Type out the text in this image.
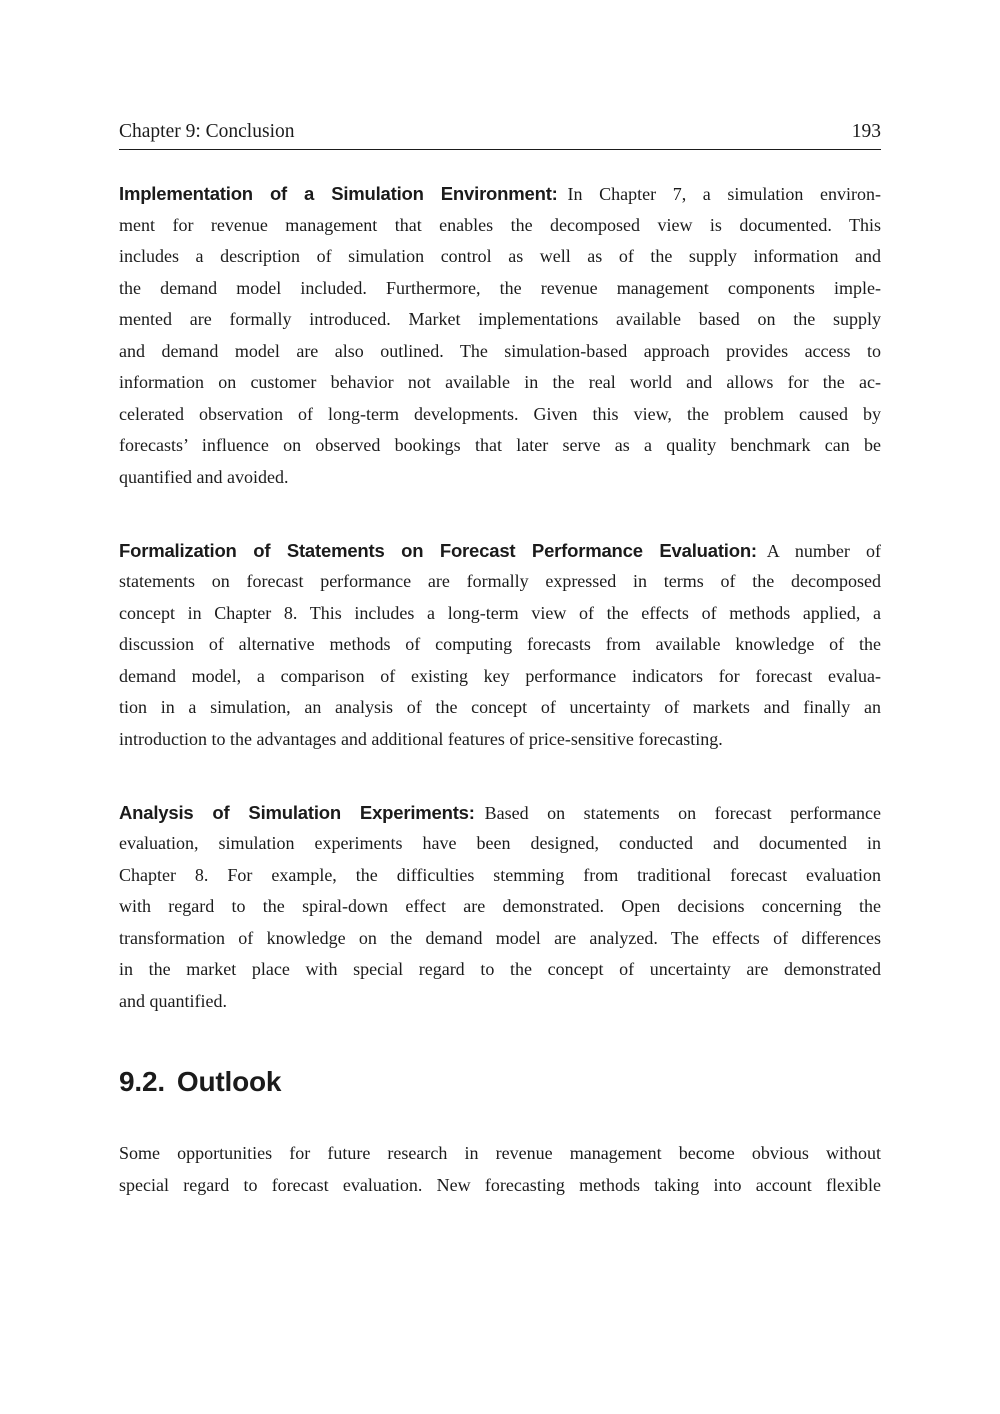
Chapter 9: Conclusion	193
Implementation of a Simulation Environment: In Chapter 7, a simulation environ-
ment for revenue management that enables the decomposed view is documented. This
includes a description of simulation control as well as of the supply information and
the demand model included. Furthermore, the revenue management components imple-
mented are formally introduced. Market implementations available based on the supply
and demand model are also outlined. The simulation-based approach provides access to
information on customer behavior not available in the real world and allows for the ac-
celerated observation of long-term developments. Given this view, the problem caused by
forecasts’ influence on observed bookings that later serve as a quality benchmark can be
quantified and avoided.
Formalization of Statements on Forecast Performance Evaluation: A number of
statements on forecast performance are formally expressed in terms of the decomposed
concept in Chapter 8. This includes a long-term view of the effects of methods applied, a
discussion of alternative methods of computing forecasts from available knowledge of the
demand model, a comparison of existing key performance indicators for forecast evalua-
tion in a simulation, an analysis of the concept of uncertainty of markets and finally an
introduction to the advantages and additional features of price-sensitive forecasting.
Analysis of Simulation Experiments: Based on statements on forecast performance
evaluation, simulation experiments have been designed, conducted and documented in
Chapter 8. For example, the difficulties stemming from traditional forecast evaluation
with regard to the spiral-down effect are demonstrated. Open decisions concerning the
transformation of knowledge on the demand model are analyzed. The effects of differences
in the market place with special regard to the concept of uncertainty are demonstrated
and quantified.
9.2. Outlook
Some opportunities for future research in revenue management become obvious without
special regard to forecast evaluation. New forecasting methods taking into account flexible
